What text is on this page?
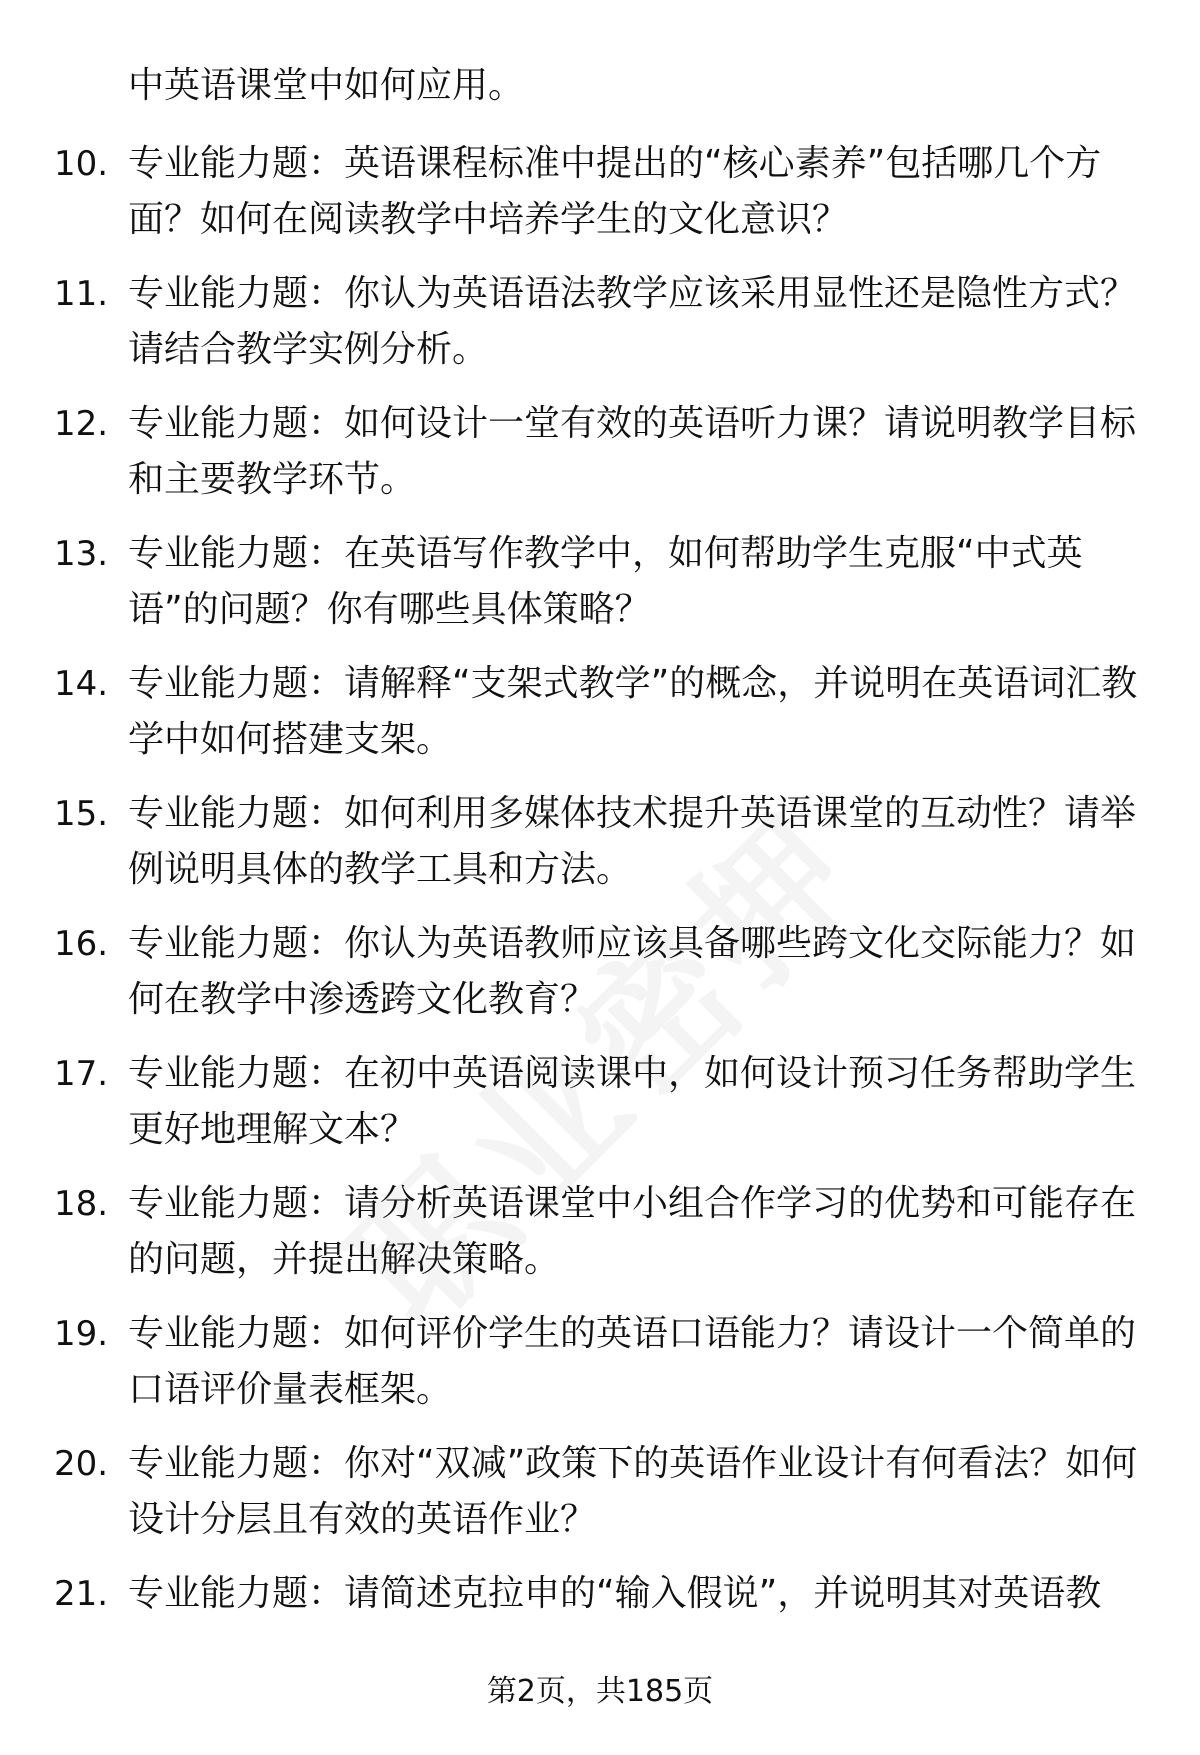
中英语课堂中如何应用。
10. 专业能力题：英语课程标准中提出的“核心素养”包括哪几个方面？如何在阅读教学中培养学生的文化意识？
11. 专业能力题：你认为英语语法教学应该采用显性还是隐性方式？请结合教学实例分析。
12. 专业能力题：如何设计一堂有效的英语听力课？请说明教学目标和主要教学环节。
13. 专业能力题：在英语写作教学中，如何帮助学生克服“中式英语”的问题？你有哪些具体策略？
14. 专业能力题：请解释“支架式教学”的概念，并说明在英语词汇教学中如何搭建支架。
15. 专业能力题：如何利用多媒体技术提升英语课堂的互动性？请举例说明具体的教学工具和方法。
16. 专业能力题：你认为英语教师应该具备哪些跨文化交际能力？如何在教学中渗透跨文化教育？
17. 专业能力题：在初中英语阅读课中，如何设计预习任务帮助学生更好地理解文本？
18. 专业能力题：请分析英语课堂中小组合作学习的优势和可能存在的问题，并提出解决策略。
19. 专业能力题：如何评价学生的英语口语能力？请设计一个简单的口语评价量表框架。
20. 专业能力题：你对“双减”政策下的英语作业设计有何看法？如何设计分层且有效的英语作业？
21. 专业能力题：请简述克拉申的“输入假说”，并说明其对英语教
第2页，共185页
